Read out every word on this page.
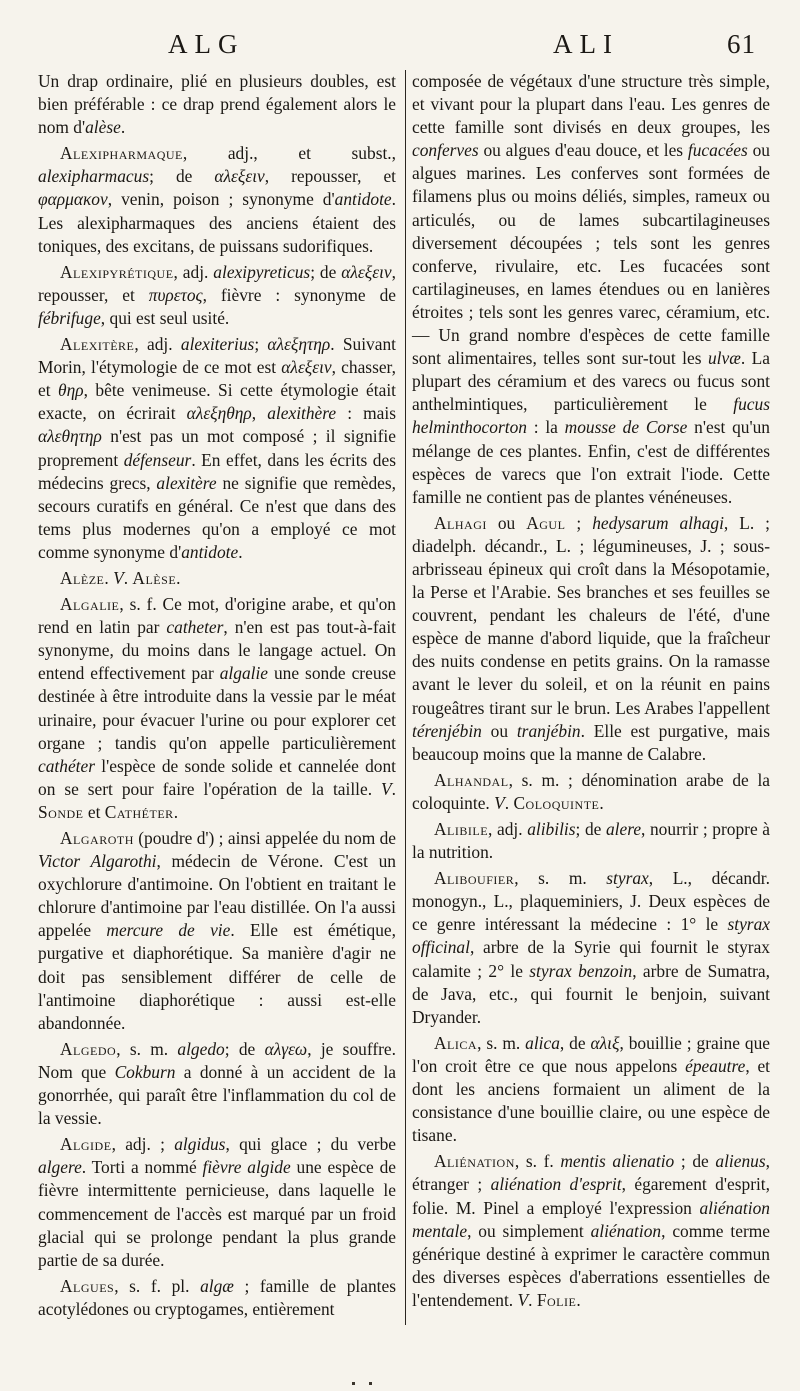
ALG	ALI	61

Un drap ordinaire, plié en plusieurs doubles, est bien préférable : ce drap prend également alors le nom d'alèse.

Alexipharmaque, adj., et subst., alexipharmacus; de αλεξειν, repousser, et φαρμακον, venin, poison ; synonyme d'antidote. Les alexipharmaques des anciens étaient des toniques, des excitans, de puissans sudorifiques.

Alexipyrétique, adj. alexipyreticus; de αλεξειν, repousser, et πυρετος, fièvre : synonyme de fébrifuge, qui est seul usité.

Alexitère, adj. alexiterius; αλεξητηρ. Suivant Morin, l'étymologie de ce mot est αλεξειν, chasser, et θηρ, bête venimeuse. Si cette étymologie était exacte, on écrirait αλεξηθηρ, alexithère : mais αλεθητηρ n'est pas un mot composé ; il signifie proprement défenseur. En effet, dans les écrits des médecins grecs, alexitère ne signifie que remèdes, secours curatifs en général. Ce n'est que dans des tems plus modernes qu'on a employé ce mot comme synonyme d'antidote.

Alèze. V. Alèse.

Algalie, s. f. Ce mot, d'origine arabe, et qu'on rend en latin par catheter, n'en est pas tout-à-fait synonyme, du moins dans le langage actuel. On entend effectivement par algalie une sonde creuse destinée à être introduite dans la vessie par le méat urinaire, pour évacuer l'urine ou pour explorer cet organe ; tandis qu'on appelle particulièrement cathéter l'espèce de sonde solide et cannelée dont on se sert pour faire l'opération de la taille. V. Sonde et Cathéter.

Algaroth (poudre d') ; ainsi appelée du nom de Victor Algarothi, médecin de Vérone. C'est un oxychlorure d'antimoine. On l'obtient en traitant le chlorure d'antimoine par l'eau distillée. On l'a aussi appelée mercure de vie. Elle est émétique, purgative et diaphorétique. Sa manière d'agir ne doit pas sensiblement différer de celle de l'antimoine diaphorétique : aussi est-elle abandonnée.

Algedo, s. m. algedo; de αλγεω, je souffre. Nom que Cokburn a donné à un accident de la gonorrhée, qui paraît être l'inflammation du col de la vessie.

Algide, adj. ; algidus, qui glace ; du verbe algere. Torti a nommé fièvre algide une espèce de fièvre intermittente pernicieuse, dans laquelle le commencement de l'accès est marqué par un froid glacial qui se prolonge pendant la plus grande partie de sa durée.

Algues, s. f. pl. algæ ; famille de plantes acotylédones ou cryptogames, entièrement

composée de végétaux d'une structure très simple, et vivant pour la plupart dans l'eau. Les genres de cette famille sont divisés en deux groupes, les conferves ou algues d'eau douce, et les fucacées ou algues marines. Les conferves sont formées de filamens plus ou moins déliés, simples, rameux ou articulés, ou de lames subcartilagineuses diversement découpées ; tels sont les genres conferve, rivulaire, etc. Les fucacées sont cartilagineuses, en lames étendues ou en lanières étroites ; tels sont les genres varec, céramium, etc. — Un grand nombre d'espèces de cette famille sont alimentaires, telles sont sur-tout les ulvæ. La plupart des céramium et des varecs ou fucus sont anthelmintiques, particulièrement le fucus helminthocorton : la mousse de Corse n'est qu'un mélange de ces plantes. Enfin, c'est de différentes espèces de varecs que l'on extrait l'iode. Cette famille ne contient pas de plantes vénéneuses.

Alhagi ou Agul ; hedysarum alhagi, L. ; diadelph. décandr., L. ; légumineuses, J. ; sous-arbrisseau épineux qui croît dans la Mésopotamie, la Perse et l'Arabie. Ses branches et ses feuilles se couvrent, pendant les chaleurs de l'été, d'une espèce de manne d'abord liquide, que la fraîcheur des nuits condense en petits grains. On la ramasse avant le lever du soleil, et on la réunit en pains rougeâtres tirant sur le brun. Les Arabes l'appellent térenjébin ou tranjébin. Elle est purgative, mais beaucoup moins que la manne de Calabre.

Alhandal, s. m. ; dénomination arabe de la coloquinte. V. Coloquinte.

Alibile, adj. alibilis; de alere, nourrir ; propre à la nutrition.

Aliboufier, s. m. styrax, L., décandr. monogyn., L., plaqueminiers, J. Deux espèces de ce genre intéressant la médecine : 1° le styrax officinal, arbre de la Syrie qui fournit le styrax calamite ; 2° le styrax benzoin, arbre de Sumatra, de Java, etc., qui fournit le benjoin, suivant Dryander.

Alica, s. m. alica, de αλιξ, bouillie ; graine que l'on croit être ce que nous appelons épeautre, et dont les anciens formaient un aliment de la consistance d'une bouillie claire, ou une espèce de tisane.

Aliénation, s. f. mentis alienatio ; de alienus, étranger ; aliénation d'esprit, égarement d'esprit, folie. M. Pinel a employé l'expression aliénation mentale, ou simplement aliénation, comme terme générique destiné à exprimer le caractère commun des diverses espèces d'aberrations essentielles de l'entendement. V. Folie.
